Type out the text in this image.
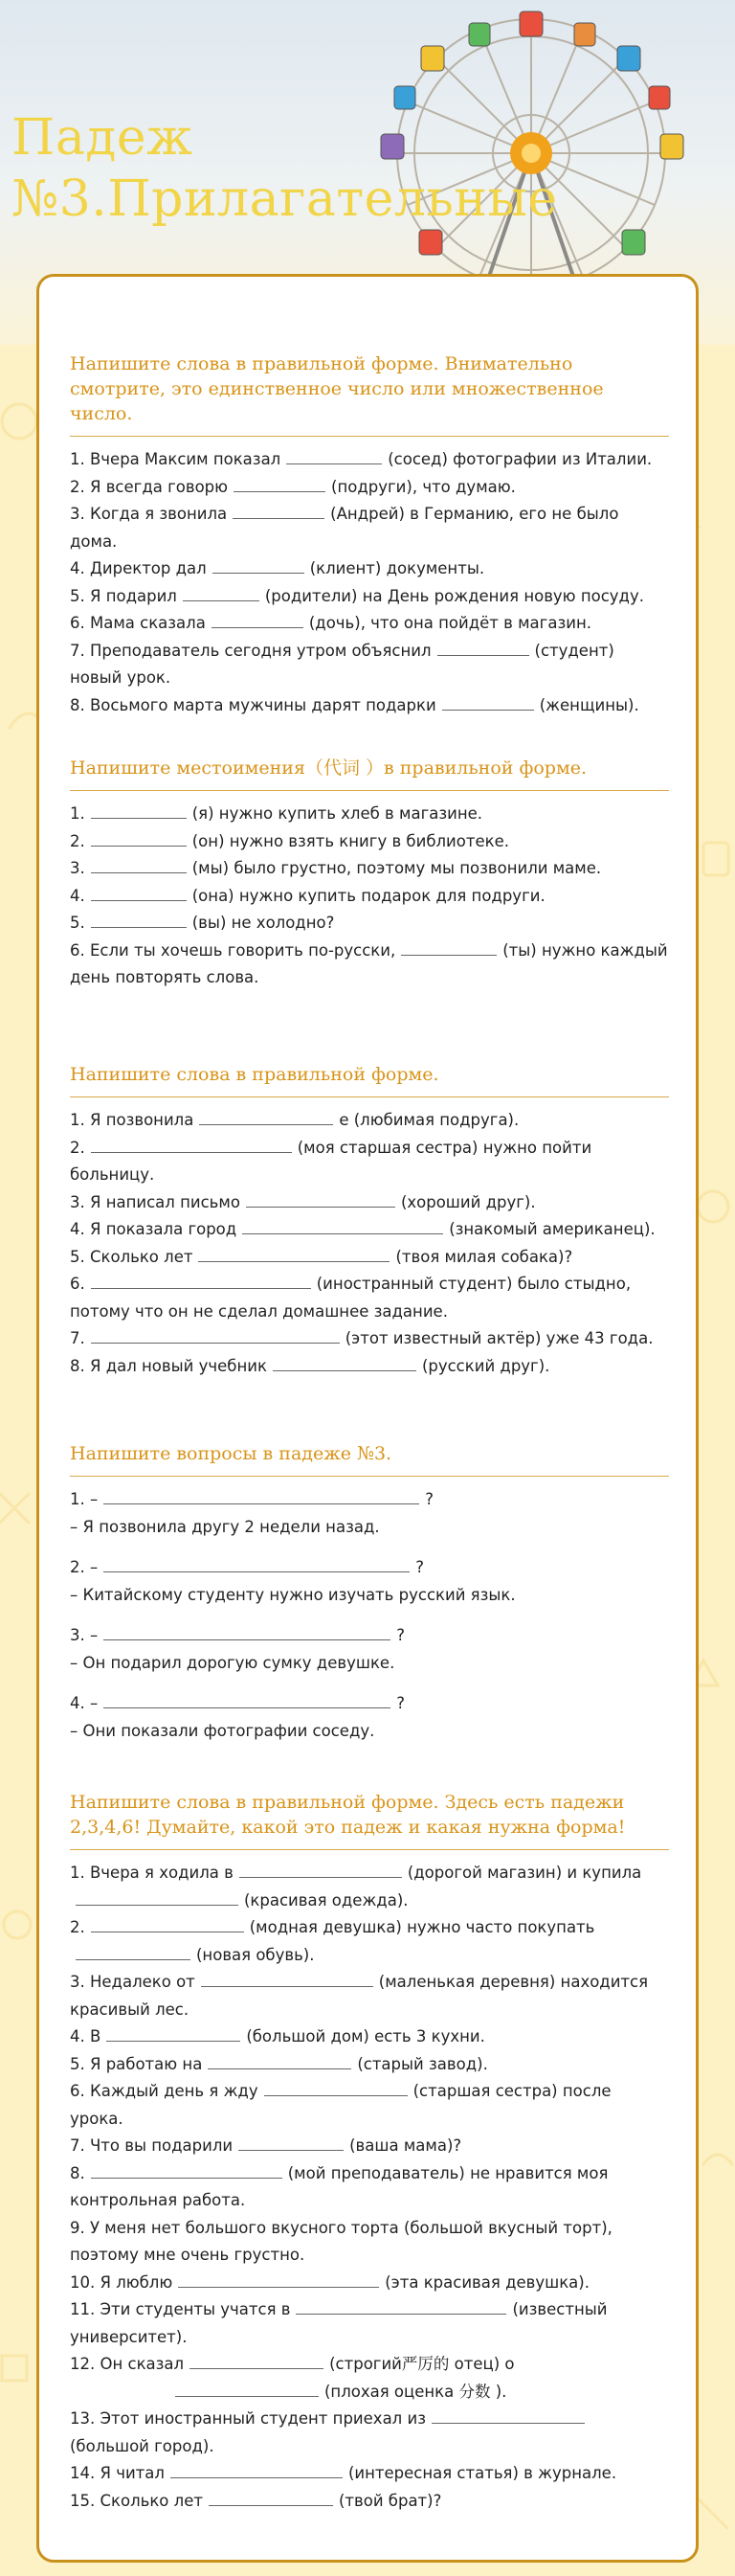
Падеж
№3.Прилагательные
Напишите слова в правильной форме. Внимательно смотрите, это единственное число или множественное число.

1. Вчера Максим показал	(сосед) фотографии из Италии.

2. Я всегда говорю	(подруги), что думаю.

3. Когда я звонила	(Андрей) в Германию, его не было дома.

4. Директор дал	(клиент) документы.

5. Я подарил	(родители) на День рождения новую посуду.

6. Мама сказала	(дочь), что она пойдёт в магазин.

7. Преподаватель сегодня утром объяснил	(студент) новый урок.

8. Восьмого марта мужчины дарят подарки	(женщины).

Напишите местоимения（代词 ）в правильной форме.

1.	(я) нужно купить хлеб в магазине.

2.	(он) нужно взять книгу в библиотеке.

3.	(мы) было грустно, поэтому мы позвонили маме.

4.	(она) нужно купить подарок для подруги.

5.	(вы) не холодно?

6. Если ты хочешь говорить по-русски,	(ты) нужно каждый день повторять слова.

Напишите слова в правильной форме.

1. Я позвонила	е (любимая подруга).

2.	(моя старшая сестра) нужно пойти больницу.

3. Я написал письмо	(хороший друг).

4. Я показала город	(знакомый американец).

5. Сколько лет	(твоя милая собака)?

6.	(иностранный студент) было стыдно, потому что он не сделал домашнее задание.

7.	(этот известный актёр) уже 43 года.

8. Я дал новый учебник	(русский друг).

Напишите вопросы в падеже №3.

1. –	?

– Я позвонила другу 2 недели назад.

2. –	?

– Китайскому студенту нужно изучать русский язык.

3. –	?

– Он подарил дорогую сумку девушке.

4. –	?

– Они показали фотографии соседу.

Напишите слова в правильной форме. Здесь есть падежи 2,3,4,6! Думайте, какой это падеж и какая нужна форма!

1. Вчера я ходила в	(дорогой магазин) и купила
(красивая одежда).

2.	(модная девушка) нужно часто покупать
(новая обувь).

3. Недалеко от	(маленькая деревня) находится красивый лес.

4. В	(большой дом) есть 3 кухни.

5. Я работаю на	(старый завод).

6. Каждый день я жду	(старшая сестра) после урока.

7. Что вы подарили	(ваша мама)?

8.	(мой преподаватель) не нравится моя контрольная работа.

9. У меня нет большого вкусного торта (большой вкусный торт), поэтому мне очень грустно.

10. Я люблю	(эта красивая девушка).

11. Эти студенты учатся в	(известный университет).

12. Он сказал	(строгий严厉的 отец) о
(плохая оценка 分数 ).

13. Этот иностранный студент приехал из(большой город).

14. Я читал	(интересная статья) в журнале.

15. Сколько лет	(твой брат)?
